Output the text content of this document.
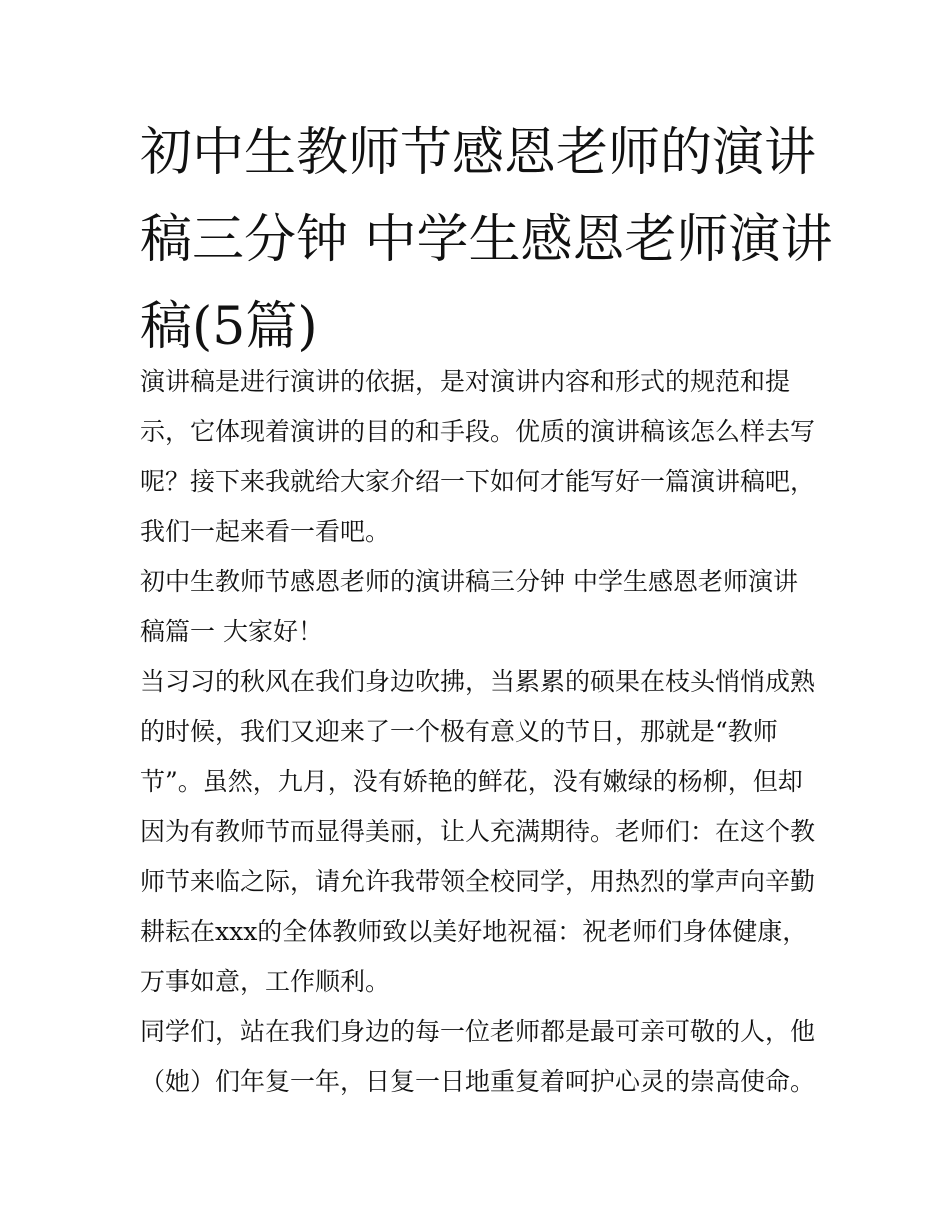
初中生教师节感恩老师的演讲稿三分钟 中学生感恩老师演讲稿(5篇)

演讲稿是进行演讲的依据，是对演讲内容和形式的规范和提示，它体现着演讲的目的和手段。优质的演讲稿该怎么样去写呢？接下来我就给大家介绍一下如何才能写好一篇演讲稿吧，我们一起来看一看吧。

初中生教师节感恩老师的演讲稿三分钟 中学生感恩老师演讲稿篇一 大家好！

当习习的秋风在我们身边吹拂，当累累的硕果在枝头悄悄成熟的时候，我们又迎来了一个极有意义的节日，那就是“教师节”。虽然，九月，没有娇艳的鲜花，没有嫩绿的杨柳，但却因为有教师节而显得美丽，让人充满期待。老师们：在这个教师节来临之际，请允许我带领全校同学，用热烈的掌声向辛勤耕耘在xxx的全体教师致以美好地祝福：祝老师们身体健康，万事如意，工作顺利。

同学们，站在我们身边的每一位老师都是最可亲可敬的人，他（她）们年复一年，日复一日地重复着呵护心灵的崇高使命。
